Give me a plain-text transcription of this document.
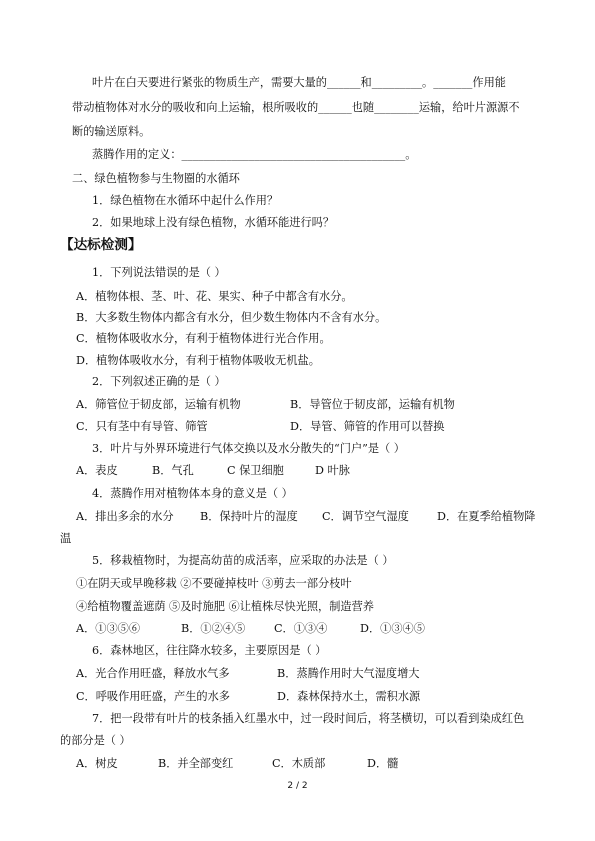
叶片在白天要进行紧张的物质生产，需要大量的______和_________。_______作用能
带动植物体对水分的吸收和向上运输，根所吸收的______也随________运输，给叶片源源不
断的输送原料。
蒸腾作用的定义：________________________________________。
二、绿色植物参与生物圈的水循环
1．绿色植物在水循环中起什么作用？
2．如果地球上没有绿色植物，水循环能进行吗？
【达标检测】
1．下列说法错误的是（ ）
A．植物体根、茎、叶、花、果实、种子中都含有水分。
B．大多数生物体内都含有水分，但少数生物体内不含有水分。
C．植物体吸收水分，有利于植物体进行光合作用。
D．植物体吸收水分，有利于植物体吸收无机盐。
2．下列叙述正确的是（ ）
A．筛管位于韧皮部，运输有机物	B．导管位于韧皮部，运输有机物
C．只有茎中有导管、筛管	D．导管、筛管的作用可以替换
3．叶片与外界环境进行气体交换以及水分散失的“门户”是（ ）
A．表皮	B．气孔	C 保卫细胞	D 叶脉
4．蒸腾作用对植物体本身的意义是（ ）
A．排出多余的水分 B．保持叶片的湿度 C．调节空气湿度	D．在夏季给植物降
温
5．移栽植物时，为提高幼苗的成活率，应采取的办法是（ ）
①在阴天或早晚移栽 ②不要碰掉枝叶 ③剪去一部分枝叶
④给植物覆盖遮荫 ⑤及时施肥 ⑥让植株尽快光照，制造营养
A．①③⑤⑥	B．①②④⑤	C．①③④	D．①③④⑤
6．森林地区，往往降水较多，主要原因是（ ）
A．光合作用旺盛，释放水气多	B．蒸腾作用时大气湿度增大
C．呼吸作用旺盛，产生的水多	D．森林保持水土，需积水源
7．把一段带有叶片的枝条插入红墨水中，过一段时间后，将茎横切，可以看到染成红色
的部分是（ ）
A．树皮	B．并全部变红	C．木质部	D．髓
2 / 2
